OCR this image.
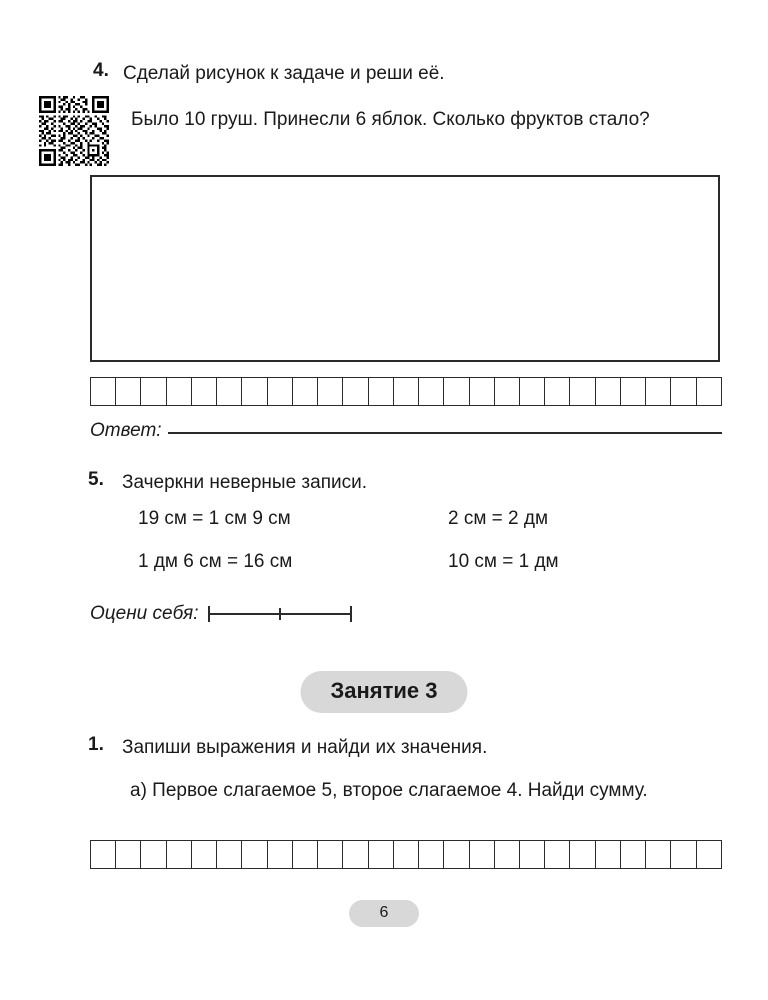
4. Сделай рисунок к задаче и реши её.
Было 10 груш. Принесли 6 яблок. Сколько фруктов стало?
Ответ:
5. Зачеркни неверные записи.
19 см = 1 см 9 см	2 см = 2 дм
1 дм 6 см = 16 см	10 см = 1 дм
Оцени себя:
Занятие 3
1. Запиши выражения и найди их значения.
а) Первое слагаемое 5, второе слагаемое 4. Найди сумму.
6
